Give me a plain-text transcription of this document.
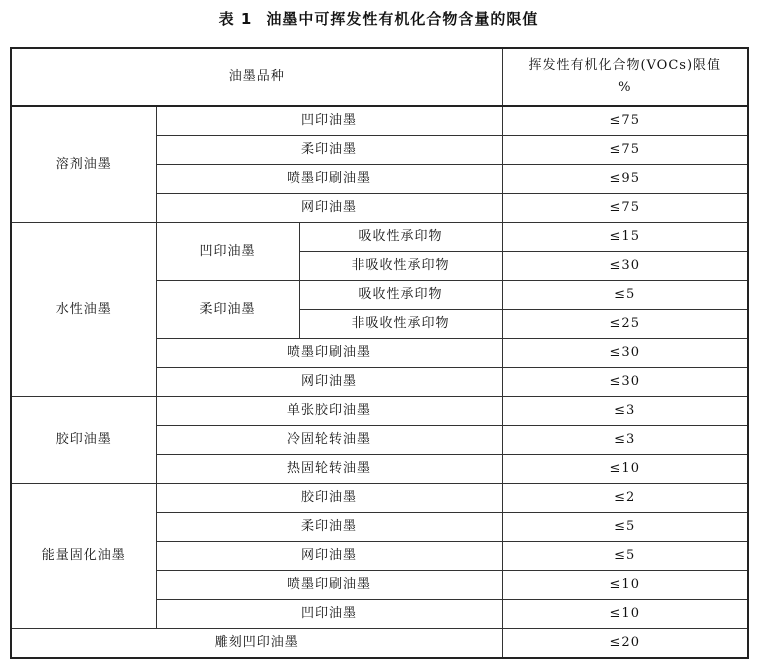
表 1 油墨中可挥发性有机化合物含量的限值
油墨品种			挥发性有机化合物(VOCs)限值
%

溶剂油墨	凹印油墨		≤75
	柔印油墨		≤75
	喷墨印刷油墨		≤95
	网印油墨		≤75
水性油墨	凹印油墨	吸收性承印物	≤15
		非吸收性承印物	≤30
	柔印油墨	吸收性承印物	≤5
		非吸收性承印物	≤25
	喷墨印刷油墨		≤30
	网印油墨		≤30
胶印油墨	单张胶印油墨		≤3
	冷固轮转油墨		≤3
	热固轮转油墨		≤10
能量固化油墨	胶印油墨		≤2
	柔印油墨		≤5
	网印油墨		≤5
	喷墨印刷油墨		≤10
	凹印油墨		≤10
雕刻凹印油墨			≤20
